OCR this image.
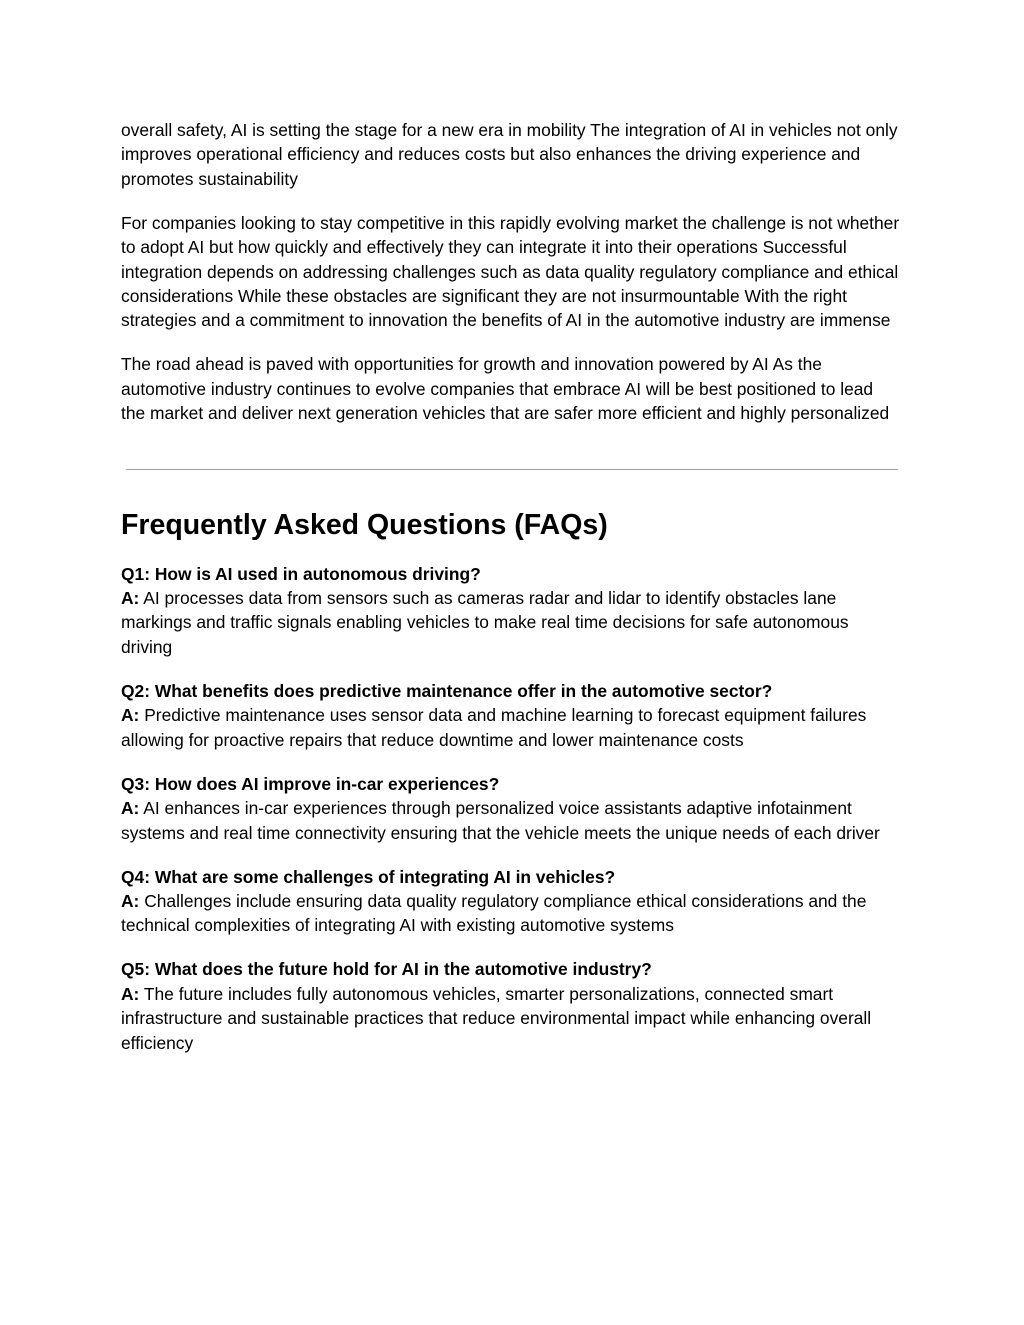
overall safety, AI is setting the stage for a new era in mobility The integration of AI in vehicles not only improves operational efficiency and reduces costs but also enhances the driving experience and promotes sustainability

For companies looking to stay competitive in this rapidly evolving market the challenge is not whether to adopt AI but how quickly and effectively they can integrate it into their operations Successful integration depends on addressing challenges such as data quality regulatory compliance and ethical considerations While these obstacles are significant they are not insurmountable With the right strategies and a commitment to innovation the benefits of AI in the automotive industry are immense

The road ahead is paved with opportunities for growth and innovation powered by AI As the automotive industry continues to evolve companies that embrace AI will be best positioned to lead the market and deliver next generation vehicles that are safer more efficient and highly personalized

Frequently Asked Questions (FAQs)
Q1: How is AI used in autonomous driving?
A: AI processes data from sensors such as cameras radar and lidar to identify obstacles lane markings and traffic signals enabling vehicles to make real time decisions for safe autonomous driving
Q2: What benefits does predictive maintenance offer in the automotive sector?
A: Predictive maintenance uses sensor data and machine learning to forecast equipment failures allowing for proactive repairs that reduce downtime and lower maintenance costs
Q3: How does AI improve in-car experiences?
A: AI enhances in-car experiences through personalized voice assistants adaptive infotainment systems and real time connectivity ensuring that the vehicle meets the unique needs of each driver
Q4: What are some challenges of integrating AI in vehicles?
A: Challenges include ensuring data quality regulatory compliance ethical considerations and the technical complexities of integrating AI with existing automotive systems
Q5: What does the future hold for AI in the automotive industry?
A: The future includes fully autonomous vehicles, smarter personalizations, connected smart infrastructure and sustainable practices that reduce environmental impact while enhancing overall efficiency
